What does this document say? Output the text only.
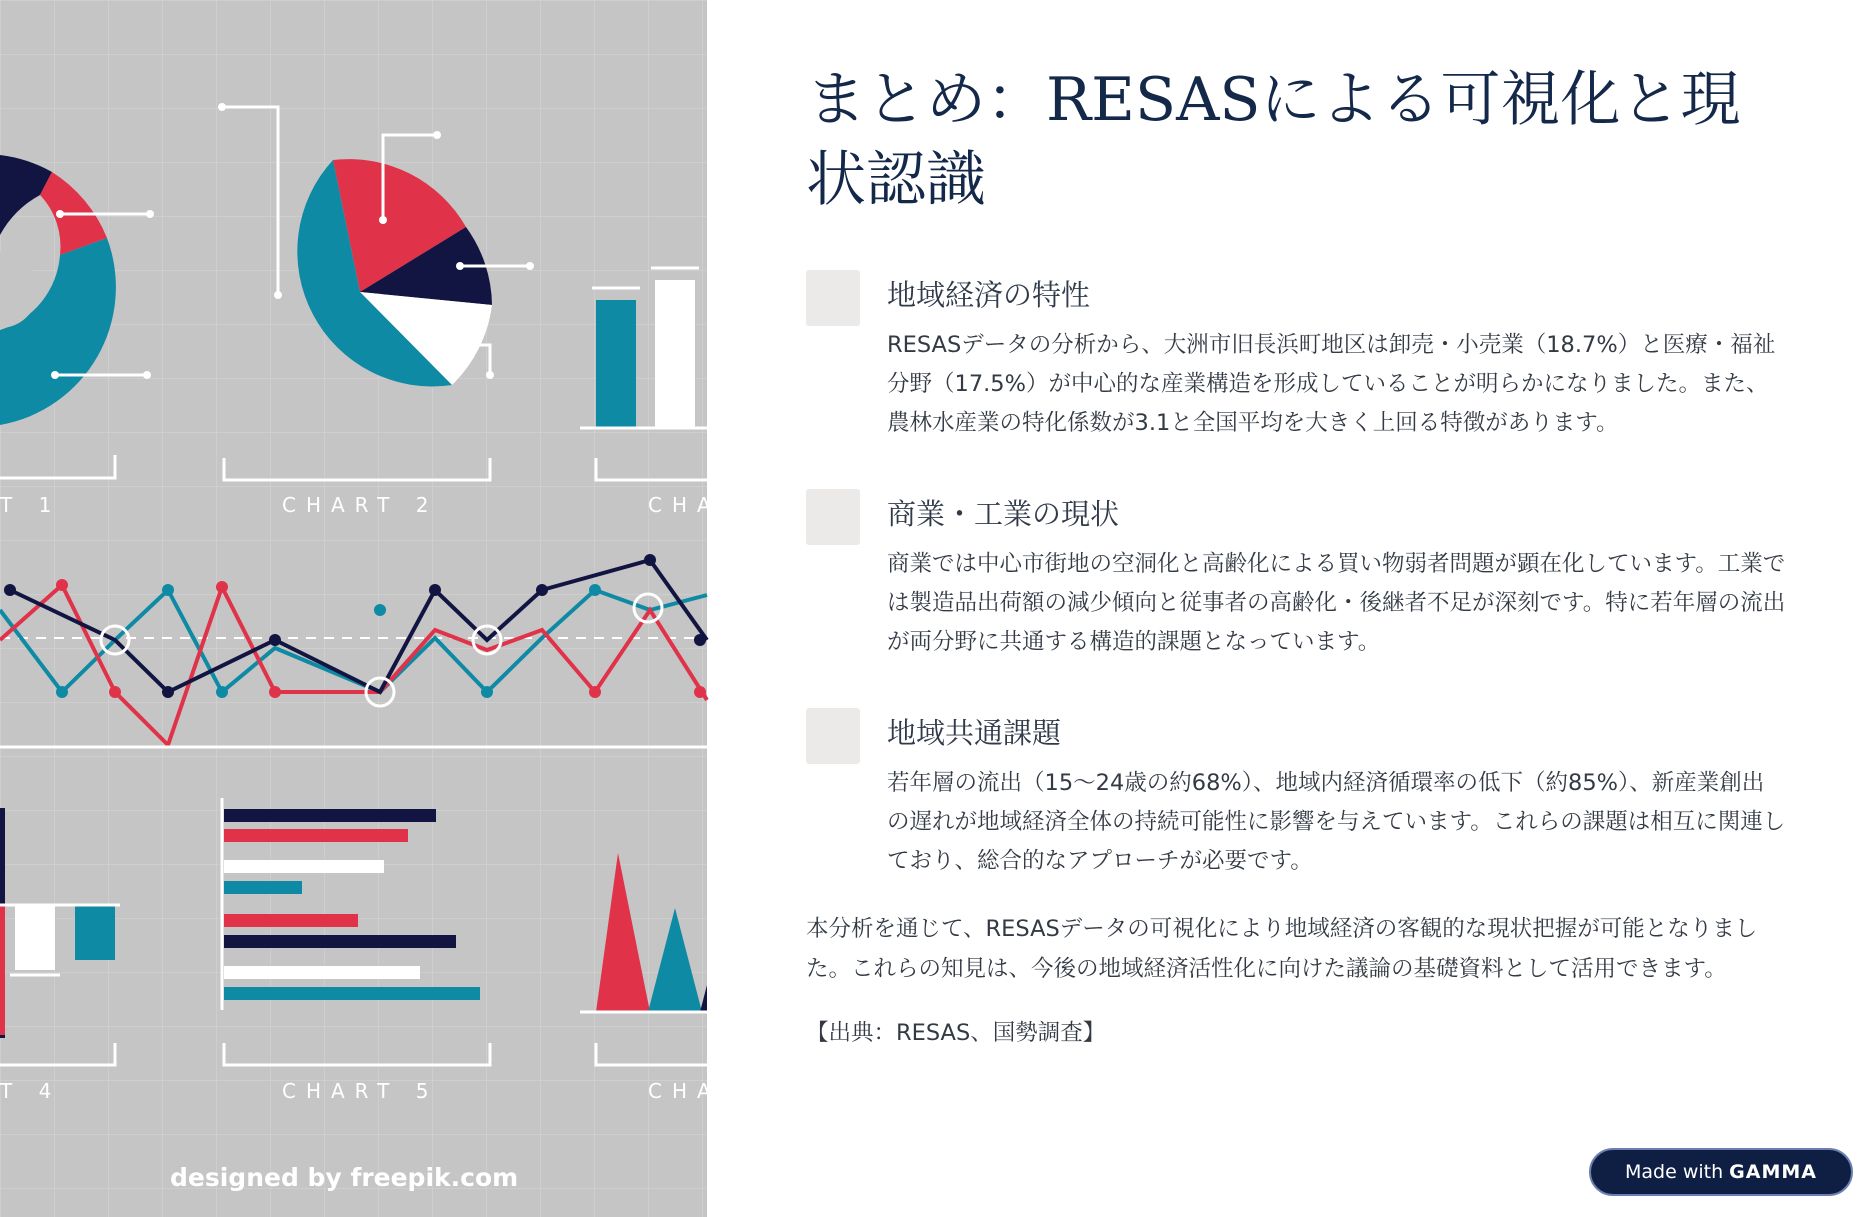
T 1	CHART 2	CHA
T 4	CHART 5	CHA
designed by freepik.com
まとめ：RESASによる可視化と現状認識
地域経済の特性

RESASデータの分析から、大洲市旧長浜町地区は卸売・小売業（18.7%）と医療・福祉分野（17.5%）が中心的な産業構造を形成していることが明らかになりました。また、農林水産業の特化係数が3.1と全国平均を大きく上回る特徴があります。

商業・工業の現状

商業では中心市街地の空洞化と高齢化による買い物弱者問題が顕在化しています。工業では製造品出荷額の減少傾向と従事者の高齢化・後継者不足が深刻です。特に若年層の流出が両分野に共通する構造的課題となっています。

地域共通課題

若年層の流出（15〜24歳の約68%）、地域内経済循環率の低下（約85%）、新産業創出の遅れが地域経済全体の持続可能性に影響を与えています。これらの課題は相互に関連しており、総合的なアプローチが必要です。

本分析を通じて、RESASデータの可視化により地域経済の客観的な現状把握が可能となりました。これらの知見は、今後の地域経済活性化に向けた議論の基礎資料として活用できます。

【出典：RESAS、国勢調査】

Made with GAMMA
